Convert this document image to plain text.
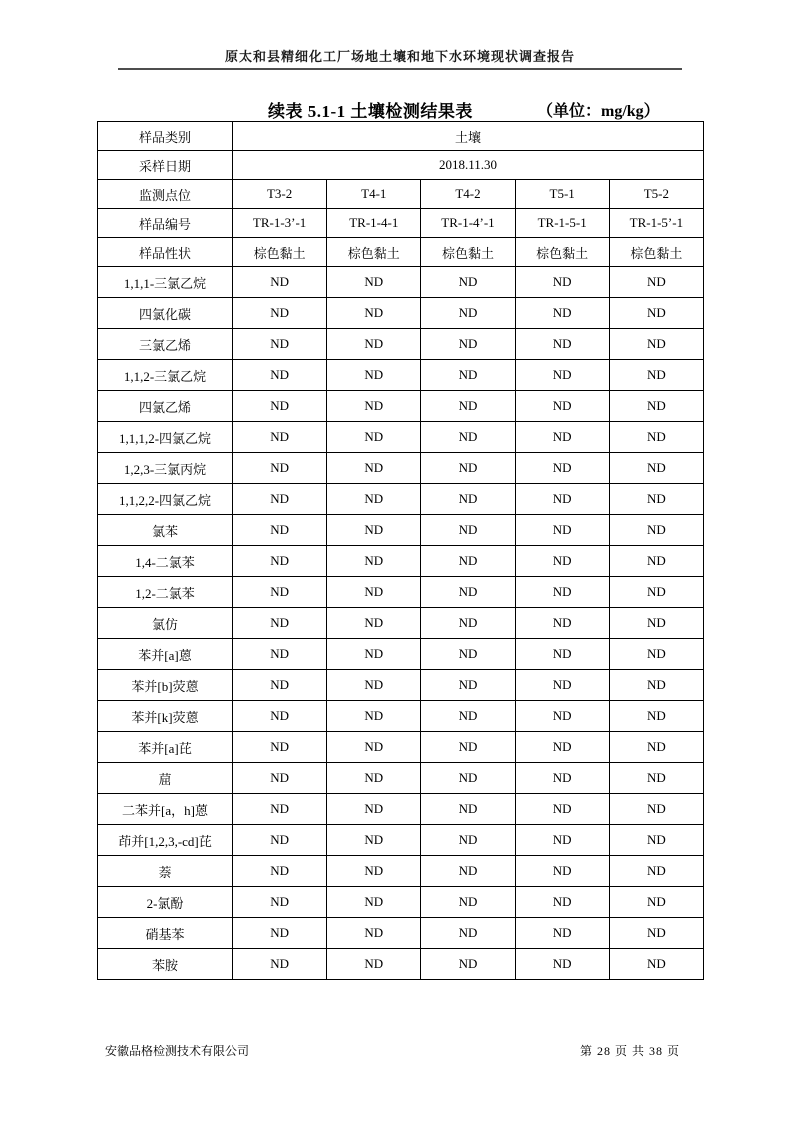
原太和县精细化工厂场地土壤和地下水环境现状调查报告
续表 5.1-1 土壤检测结果表	（单位：mg/kg）
样品类别	土壤				
采样日期	2018.11.30				
监测点位	T3-2	T4-1	T4-2	T5-1	T5-2
样品编号	TR-1-3’-1	TR-1-4-1	TR-1-4’-1	TR-1-5-1	TR-1-5’-1
样品性状	棕色黏土	棕色黏土	棕色黏土	棕色黏土	棕色黏土
1,1,1-三氯乙烷	ND	ND	ND	ND	ND
四氯化碳	ND	ND	ND	ND	ND
三氯乙烯	ND	ND	ND	ND	ND
1,1,2-三氯乙烷	ND	ND	ND	ND	ND
四氯乙烯	ND	ND	ND	ND	ND
1,1,1,2-四氯乙烷	ND	ND	ND	ND	ND
1,2,3-三氯丙烷	ND	ND	ND	ND	ND
1,1,2,2-四氯乙烷	ND	ND	ND	ND	ND
氯苯	ND	ND	ND	ND	ND
1,4-二氯苯	ND	ND	ND	ND	ND
1,2-二氯苯	ND	ND	ND	ND	ND
氯仿	ND	ND	ND	ND	ND
苯并[a]蒽	ND	ND	ND	ND	ND
苯并[b]荧蒽	ND	ND	ND	ND	ND
苯并[k]荧蒽	ND	ND	ND	ND	ND
苯并[a]芘	ND	ND	ND	ND	ND
䓛	ND	ND	ND	ND	ND
二苯并[a，h]蒽	ND	ND	ND	ND	ND
茚并[1,2,3,-cd]芘	ND	ND	ND	ND	ND
萘	ND	ND	ND	ND	ND
2-氯酚	ND	ND	ND	ND	ND
硝基苯	ND	ND	ND	ND	ND
苯胺	ND	ND	ND	ND	ND
安徽品格检测技术有限公司	第 28 页 共 38 页
